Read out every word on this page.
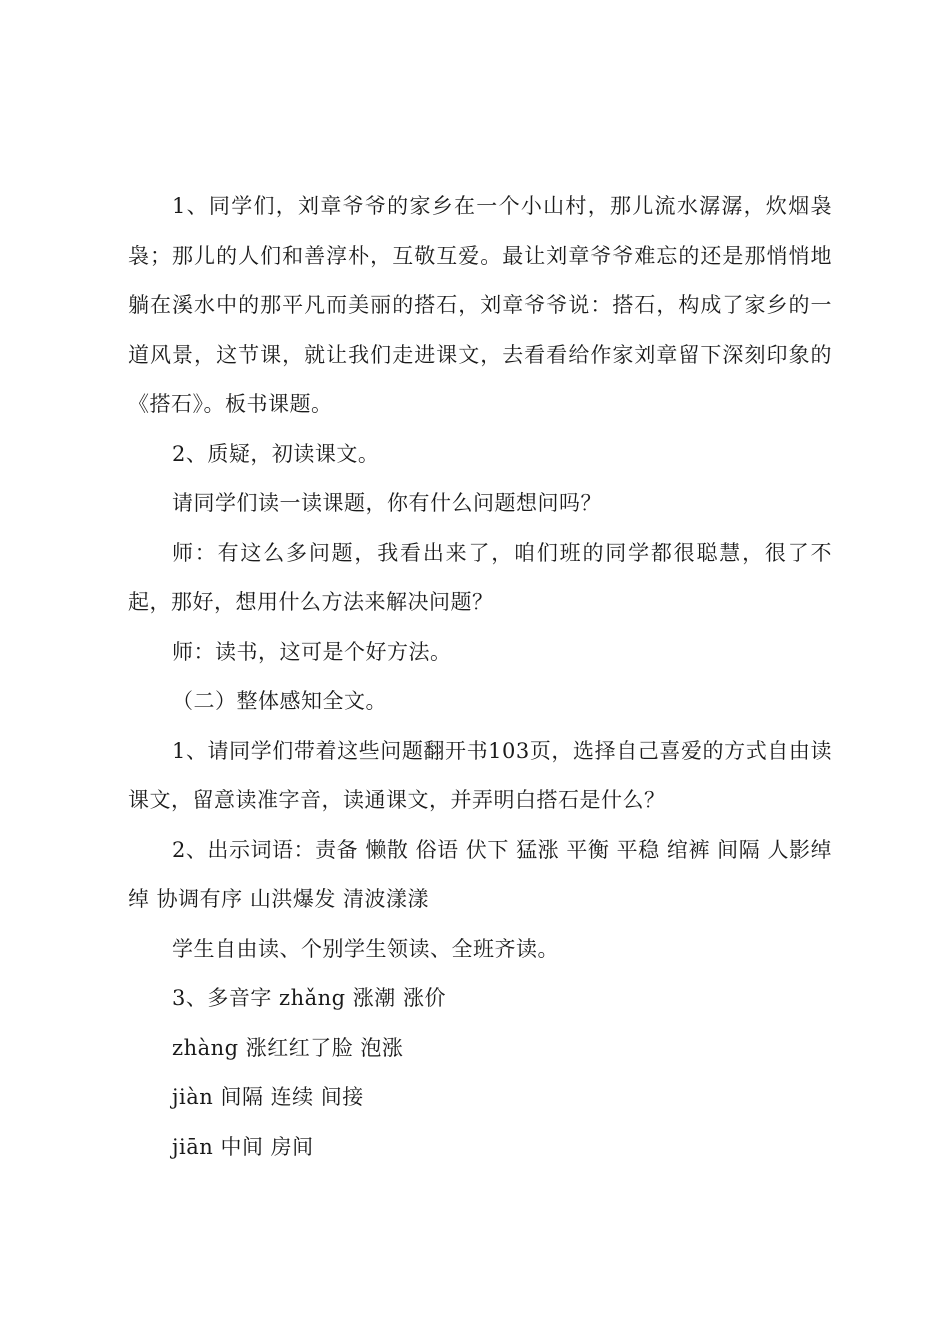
1、同学们，刘章爷爷的家乡在一个小山村，那儿流水潺潺，炊烟袅袅；那儿的人们和善淳朴，互敬互爱。最让刘章爷爷难忘的还是那悄悄地躺在溪水中的那平凡而美丽的搭石，刘章爷爷说：搭石，构成了家乡的一道风景，这节课，就让我们走进课文，去看看给作家刘章留下深刻印象的《搭石》。板书课题。

2、质疑，初读课文。

请同学们读一读课题，你有什么问题想问吗？

师：有这么多问题，我看出来了，咱们班的同学都很聪慧，很了不起，那好，想用什么方法来解决问题？

师：读书，这可是个好方法。

（二）整体感知全文。

1、请同学们带着这些问题翻开书103页，选择自己喜爱的方式自由读课文，留意读准字音，读通课文，并弄明白搭石是什么？

2、出示词语：责备 懒散 俗语 伏下 猛涨 平衡 平稳 绾裤 间隔 人影绰绰 协调有序 山洪爆发 清波漾漾

学生自由读、个别学生领读、全班齐读。

3、多音字 zhǎng 涨潮 涨价

zhàng 涨红红了脸 泡涨

jiàn 间隔 连续 间接

jiān 中间 房间
